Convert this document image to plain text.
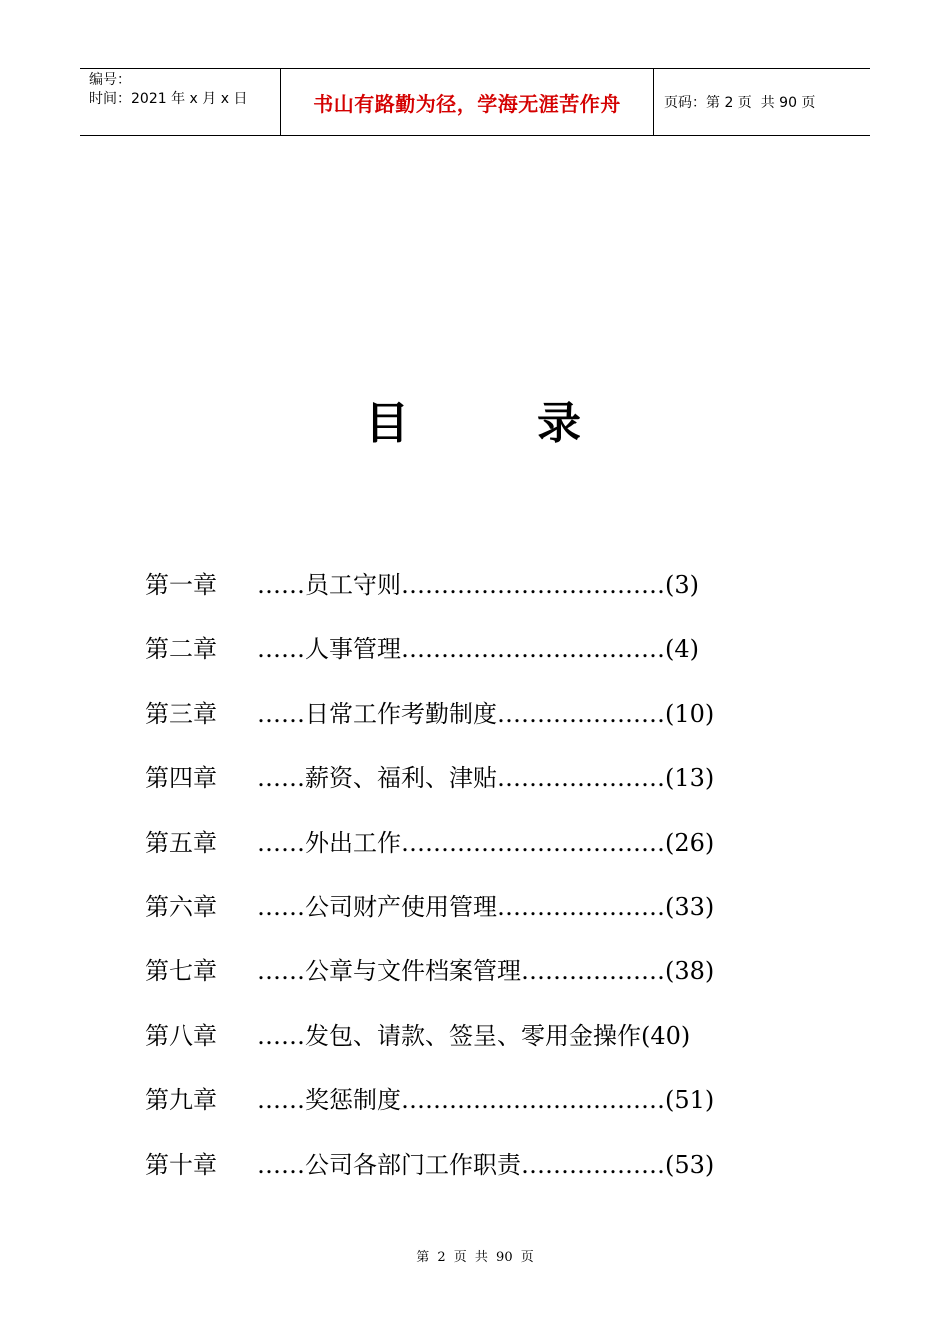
编号：
时间：2021 年 x 月 x 日	书山有路勤为径，学海无涯苦作舟	页码：第 2 页  共 90 页
目	录
第一章 ……员工守则……………………………(3)
第二章 ……人事管理……………………………(4)
第三章 ……日常工作考勤制度…………………(10)
第四章 ……薪资、福利、津贴…………………(13)
第五章 ……外出工作……………………………(26)
第六章 ……公司财产使用管理…………………(33)
第七章 ……公章与文件档案管理………………(38)
第八章 ……发包、请款、签呈、零用金操作(40)
第九章 ……奖惩制度……………………………(51)
第十章 ……公司各部门工作职责………………(53)
第 2 页 共 90 页
